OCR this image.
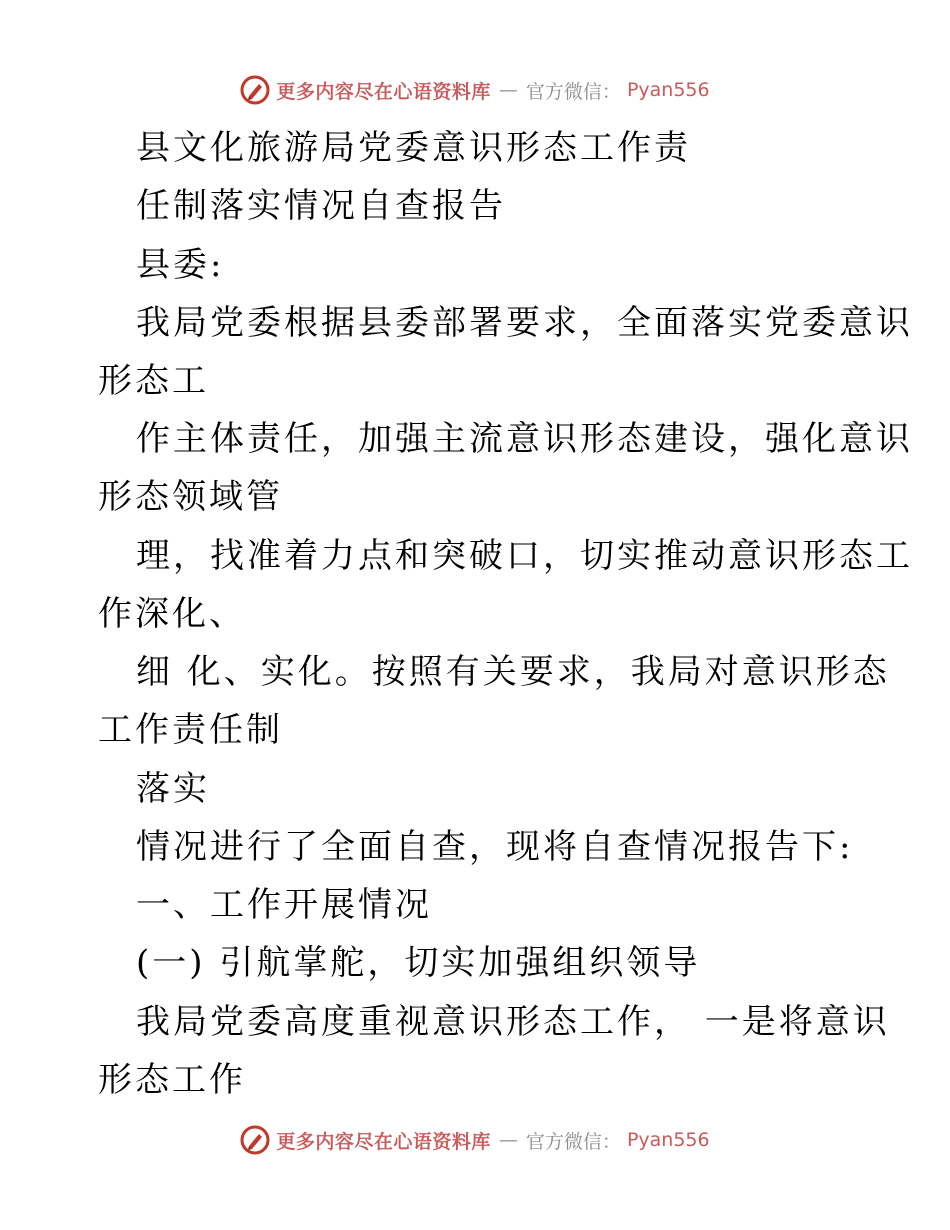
更多内容尽在心语资料库 — 官方微信： Pyan556
县文化旅游局党委意识形态工作责
任制落实情况自查报告
县委:
我局党委根据县委部署要求，全面落实党委意识
形态工
作主体责任，加强主流意识形态建设，强化意识
形态领域管
理，找准着力点和突破口，切实推动意识形态工
作深化、
细 化、实化。按照有关要求，我局对意识形态
工作责任制
落实
情况进行了全面自查，现将自查情况报告下:
一、工作开展情况
(一) 引航掌舵，切实加强组织领导
我局党委高度重视意识形态工作， 一是将意识
形态工作
更多内容尽在心语资料库 — 官方微信： Pyan556
